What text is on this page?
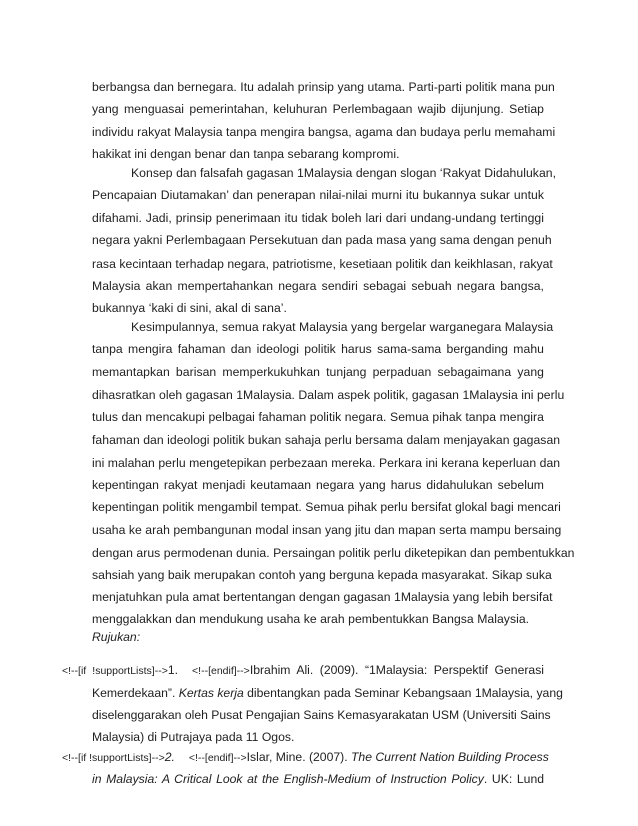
berbangsa dan bernegara. Itu adalah prinsip yang utama. Parti-parti politik mana pun
yang menguasai pemerintahan, keluhuran Perlembagaan wajib dijunjung. Setiap
individu rakyat Malaysia tanpa mengira bangsa, agama dan budaya perlu memahami
hakikat ini dengan benar dan tanpa sebarang kompromi.
Konsep dan falsafah gagasan 1Malaysia dengan slogan ‘Rakyat Didahulukan,
Pencapaian Diutamakan’ dan penerapan nilai-nilai murni itu bukannya sukar untuk
difahami. Jadi, prinsip penerimaan itu tidak boleh lari dari undang-undang tertinggi
negara yakni Perlembagaan Persekutuan dan pada masa yang sama dengan penuh
rasa kecintaan terhadap negara, patriotisme, kesetiaan politik dan keikhlasan, rakyat
Malaysia akan mempertahankan negara sendiri sebagai sebuah negara bangsa,
bukannya ‘kaki di sini, akal di sana’.
Kesimpulannya, semua rakyat Malaysia yang bergelar warganegara Malaysia
tanpa mengira fahaman dan ideologi politik harus sama-sama berganding mahu
memantapkan barisan memperkukuhkan tunjang perpaduan sebagaimana yang
dihasratkan oleh gagasan 1Malaysia. Dalam aspek politik, gagasan 1Malaysia ini perlu
tulus dan mencakupi pelbagai fahaman politik negara. Semua pihak tanpa mengira
fahaman dan ideologi politik bukan sahaja perlu bersama dalam menjayakan gagasan
ini malahan perlu mengetepikan perbezaan mereka. Perkara ini kerana keperluan dan
kepentingan rakyat menjadi keutamaan negara yang harus didahulukan sebelum
kepentingan politik mengambil tempat. Semua pihak perlu bersifat glokal bagi mencari
usaha ke arah pembangunan modal insan yang jitu dan mapan serta mampu bersaing
dengan arus permodenan dunia. Persaingan politik perlu diketepikan dan pembentukkan
sahsiah yang baik merupakan contoh yang berguna kepada masyarakat. Sikap suka
menjatuhkan pula amat bertentangan dengan gagasan 1Malaysia yang lebih bersifat
menggalakkan dan mendukung usaha ke arah pembentukkan Bangsa Malaysia.
Rujukan:
<!--[if !supportLists]-->1. <!--[endif]-->Ibrahim Ali. (2009). “1Malaysia: Perspektif Generasi
Kemerdekaan”. Kertas kerja dibentangkan pada Seminar Kebangsaan 1Malaysia, yang
diselenggarakan oleh Pusat Pengajian Sains Kemasyarakatan USM (Universiti Sains
Malaysia) di Putrajaya pada 11 Ogos.
<!--[if !supportLists]-->2. <!--[endif]-->Islar, Mine. (2007). The Current Nation Building Process
in Malaysia: A Critical Look at the English-Medium of Instruction Policy. UK: Lund
